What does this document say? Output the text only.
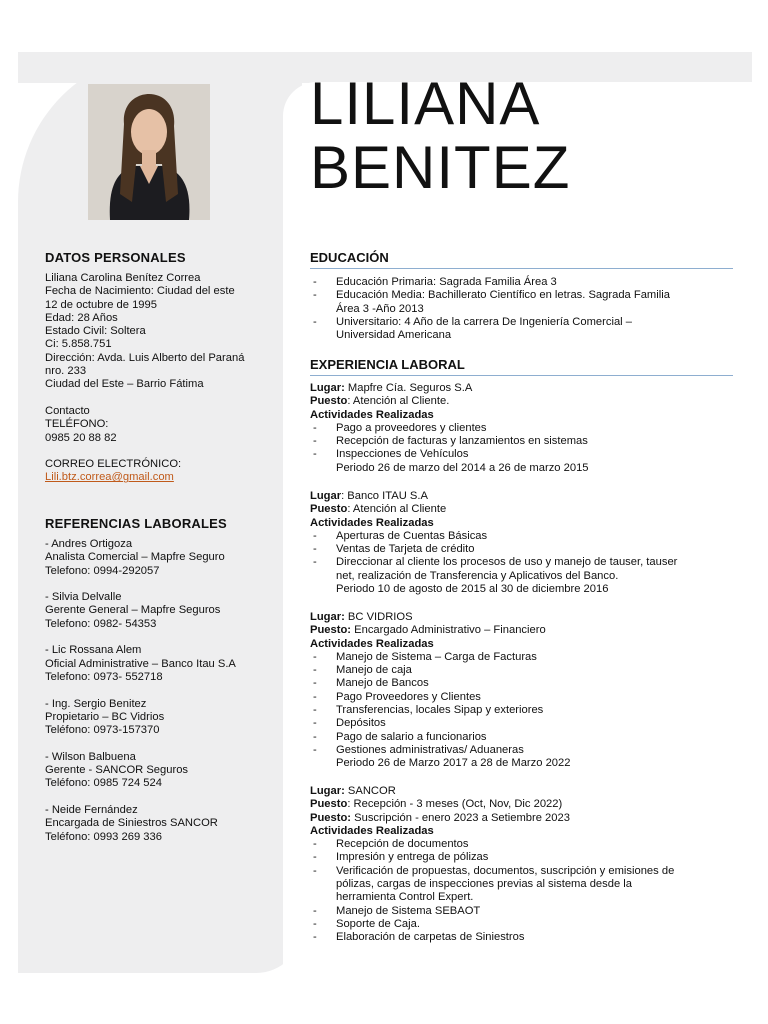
LILIANA
BENITEZ
DATOS PERSONALES
Liliana Carolina Benítez Correa
Fecha de Nacimiento: Ciudad del este
12 de octubre de 1995
Edad: 28 Años
Estado Civil: Soltera
Ci: 5.858.751
Dirección: Avda. Luis Alberto del Paraná
nro. 233
Ciudad del Este – Barrio Fátima
Contacto
TELÉFONO:
0985 20 88 82
CORREO ELECTRÓNICO:
Lili.btz.correa@gmail.com
REFERENCIAS LABORALES
- Andres Ortigoza
Analista Comercial – Mapfre Seguro
Telefono: 0994-292057
- Silvia Delvalle
Gerente General – Mapfre Seguros
Telefono: 0982- 54353
- Lic Rossana Alem
Oficial Administrative – Banco Itau S.A
Telefono: 0973- 552718
- Ing. Sergio Benitez
Propietario – BC Vidrios
Teléfono: 0973-157370
- Wilson Balbuena
Gerente - SANCOR Seguros
Teléfono: 0985 724 524
- Neide Fernández
Encargada de Siniestros SANCOR
Teléfono: 0993 269 336
EDUCACIÓN
- Educación Primaria: Sagrada Familia Área 3
- Educación Media: Bachillerato Científico en letras. Sagrada Familia
Área 3 -Año 2013
- Universitario: 4 Año de la carrera De Ingeniería Comercial –
Universidad Americana
EXPERIENCIA LABORAL
Lugar: Mapfre Cía. Seguros S.A
Puesto: Atención al Cliente.
Actividades Realizadas
- Pago a proveedores y clientes
- Recepción de facturas y lanzamientos en sistemas
- Inspecciones de Vehículos
Periodo 26 de marzo del 2014 a 26 de marzo 2015
Lugar: Banco ITAU S.A
Puesto: Atención al Cliente
Actividades Realizadas
- Aperturas de Cuentas Básicas
- Ventas de Tarjeta de crédito
- Direccionar al cliente los procesos de uso y manejo de tauser, tauser
net, realización de Transferencia y Aplicativos del Banco.
Periodo 10 de agosto de 2015 al 30 de diciembre 2016
Lugar: BC VIDRIOS
Puesto: Encargado Administrativo – Financiero
Actividades Realizadas
- Manejo de Sistema – Carga de Facturas
- Manejo de caja
- Manejo de Bancos
- Pago Proveedores y Clientes
- Transferencias, locales Sipap y exteriores
- Depósitos
- Pago de salario a funcionarios
- Gestiones administrativas/ Aduaneras
Periodo 26 de Marzo 2017 a 28 de Marzo 2022
Lugar: SANCOR
Puesto: Recepción - 3 meses (Oct, Nov, Dic 2022)
Puesto: Suscripción - enero 2023 a Setiembre 2023
Actividades Realizadas
- Recepción de documentos
- Impresión y entrega de pólizas
- Verificación de propuestas, documentos, suscripción y emisiones de
pólizas, cargas de inspecciones previas al sistema desde la
herramienta Control Expert.
- Manejo de Sistema SEBAOT
- Soporte de Caja.
- Elaboración de carpetas de Siniestros
